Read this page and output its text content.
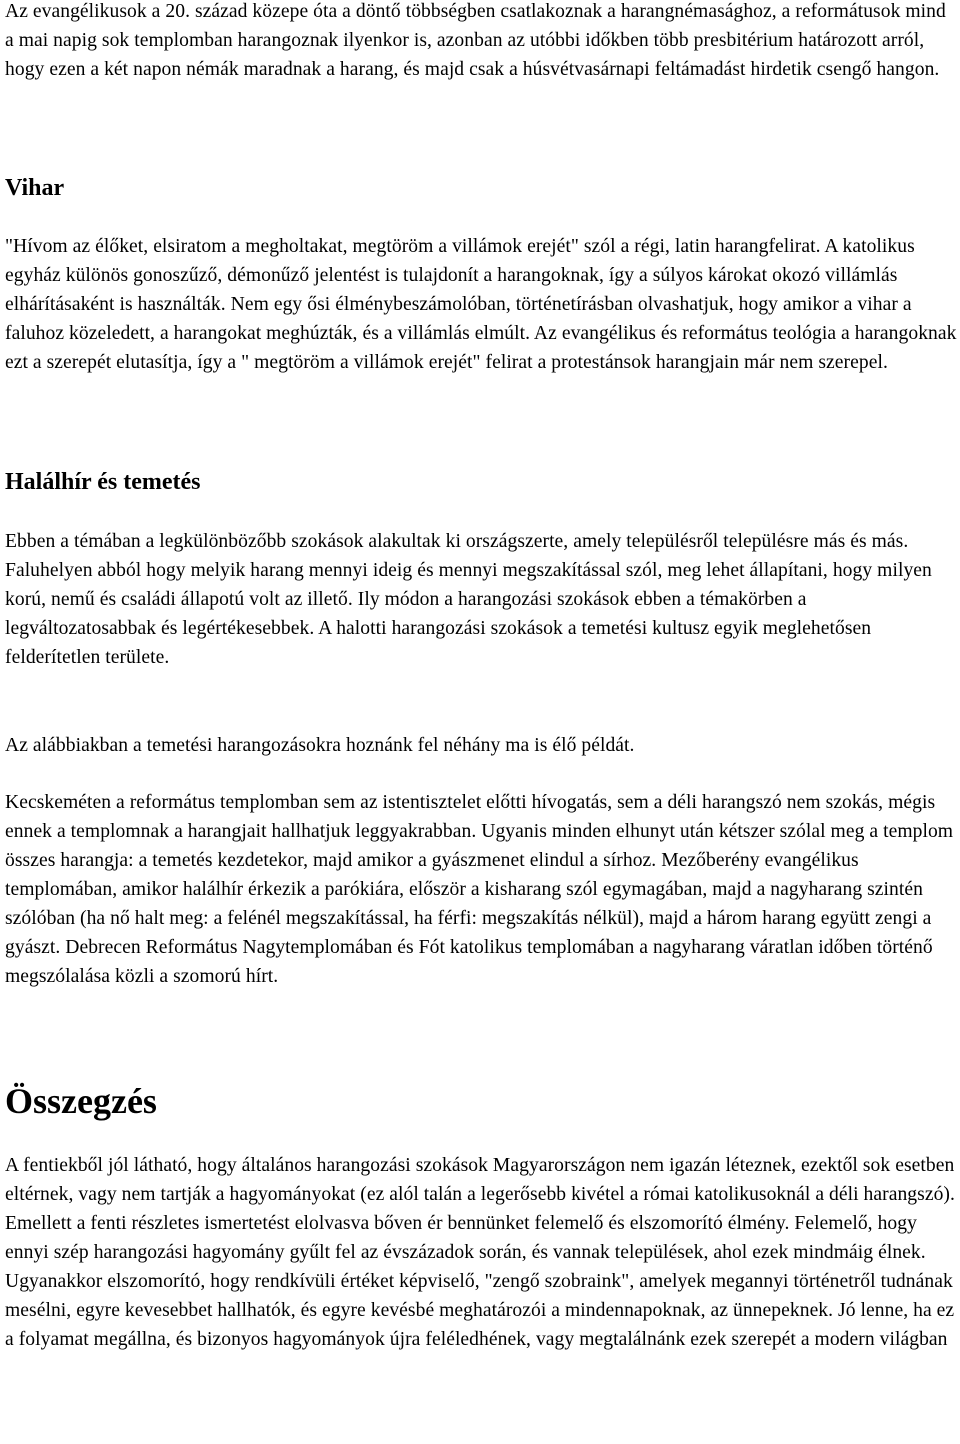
Az evangélikusok a 20. század közepe óta a döntő többségben csatlakoznak a harangnémasághoz, a reformátusok mind a mai napig sok templomban harangoznak ilyenkor is, azonban az utóbbi időkben több presbitérium határozott arról, hogy ezen a két napon némák maradnak a harang, és majd csak a húsvétvasárnapi feltámadást hirdetik csengő hangon.

Vihar

"Hívom az élőket, elsiratom a megholtakat, megtöröm a villámok erejét" szól a régi, latin harangfelirat. A katolikus egyház különös gonoszűző, démonűző jelentést is tulajdonít a harangoknak, így a súlyos károkat okozó villámlás elhárításaként is használták. Nem egy ősi élménybeszámolóban, történetírásban olvashatjuk, hogy amikor a vihar a faluhoz közeledett, a harangokat meghúzták, és a villámlás elmúlt. Az evangélikus és református teológia a harangoknak ezt a szerepét elutasítja, így a " megtöröm a villámok erejét" felirat a protestánsok harangjain már nem szerepel.

Halálhír és temetés

Ebben a témában a legkülönbözőbb szokások alakultak ki országszerte, amely településről településre más és más. Faluhelyen abból hogy melyik harang mennyi ideig és mennyi megszakítással szól, meg lehet állapítani, hogy milyen korú, nemű és családi állapotú volt az illető. Ily módon a harangozási szokások ebben a témakörben a legváltozatosabbak és legértékesebbek. A halotti harangozási szokások a temetési kultusz egyik meglehetősen felderítetlen területe.

Az alábbiakban a temetési harangozásokra hoznánk fel néhány ma is élő példát.

Kecskeméten a református templomban sem az istentisztelet előtti hívogatás, sem a déli harangszó nem szokás, mégis ennek a templomnak a harangjait hallhatjuk leggyakrabban. Ugyanis minden elhunyt után kétszer szólal meg a templom összes harangja: a temetés kezdetekor, majd amikor a gyászmenet elindul a sírhoz. Mezőberény evangélikus templomában, amikor halálhír érkezik a parókiára, először a kisharang szól egymagában, majd a nagyharang szintén szólóban (ha nő halt meg: a felénél megszakítással, ha férfi: megszakítás nélkül), majd a három harang együtt zengi a gyászt. Debrecen Református Nagytemplomában és Fót katolikus templomában a nagyharang váratlan időben történő megszólalása közli a szomorú hírt.

Összegzés

A fentiekből jól látható, hogy általános harangozási szokások Magyarországon nem igazán léteznek, ezektől sok esetben eltérnek, vagy nem tartják a hagyományokat (ez alól talán a legerősebb kivétel a római katolikusoknál a déli harangszó). Emellett a fenti részletes ismertetést elolvasva bőven ér bennünket felemelő és elszomorító élmény. Felemelő, hogy ennyi szép harangozási hagyomány gyűlt fel az évszázadok során, és vannak települések, ahol ezek mindmáig élnek. Ugyanakkor elszomorító, hogy rendkívüli értéket képviselő, "zengő szobraink", amelyek megannyi történetről tudnának mesélni, egyre kevesebbet hallhatók, és egyre kevésbé meghatározói a mindennapoknak, az ünnepeknek. Jó lenne, ha ez a folyamat megállna, és bizonyos hagyományok újra feléledhének, vagy megtalálnánk ezek szerepét a modern világban
